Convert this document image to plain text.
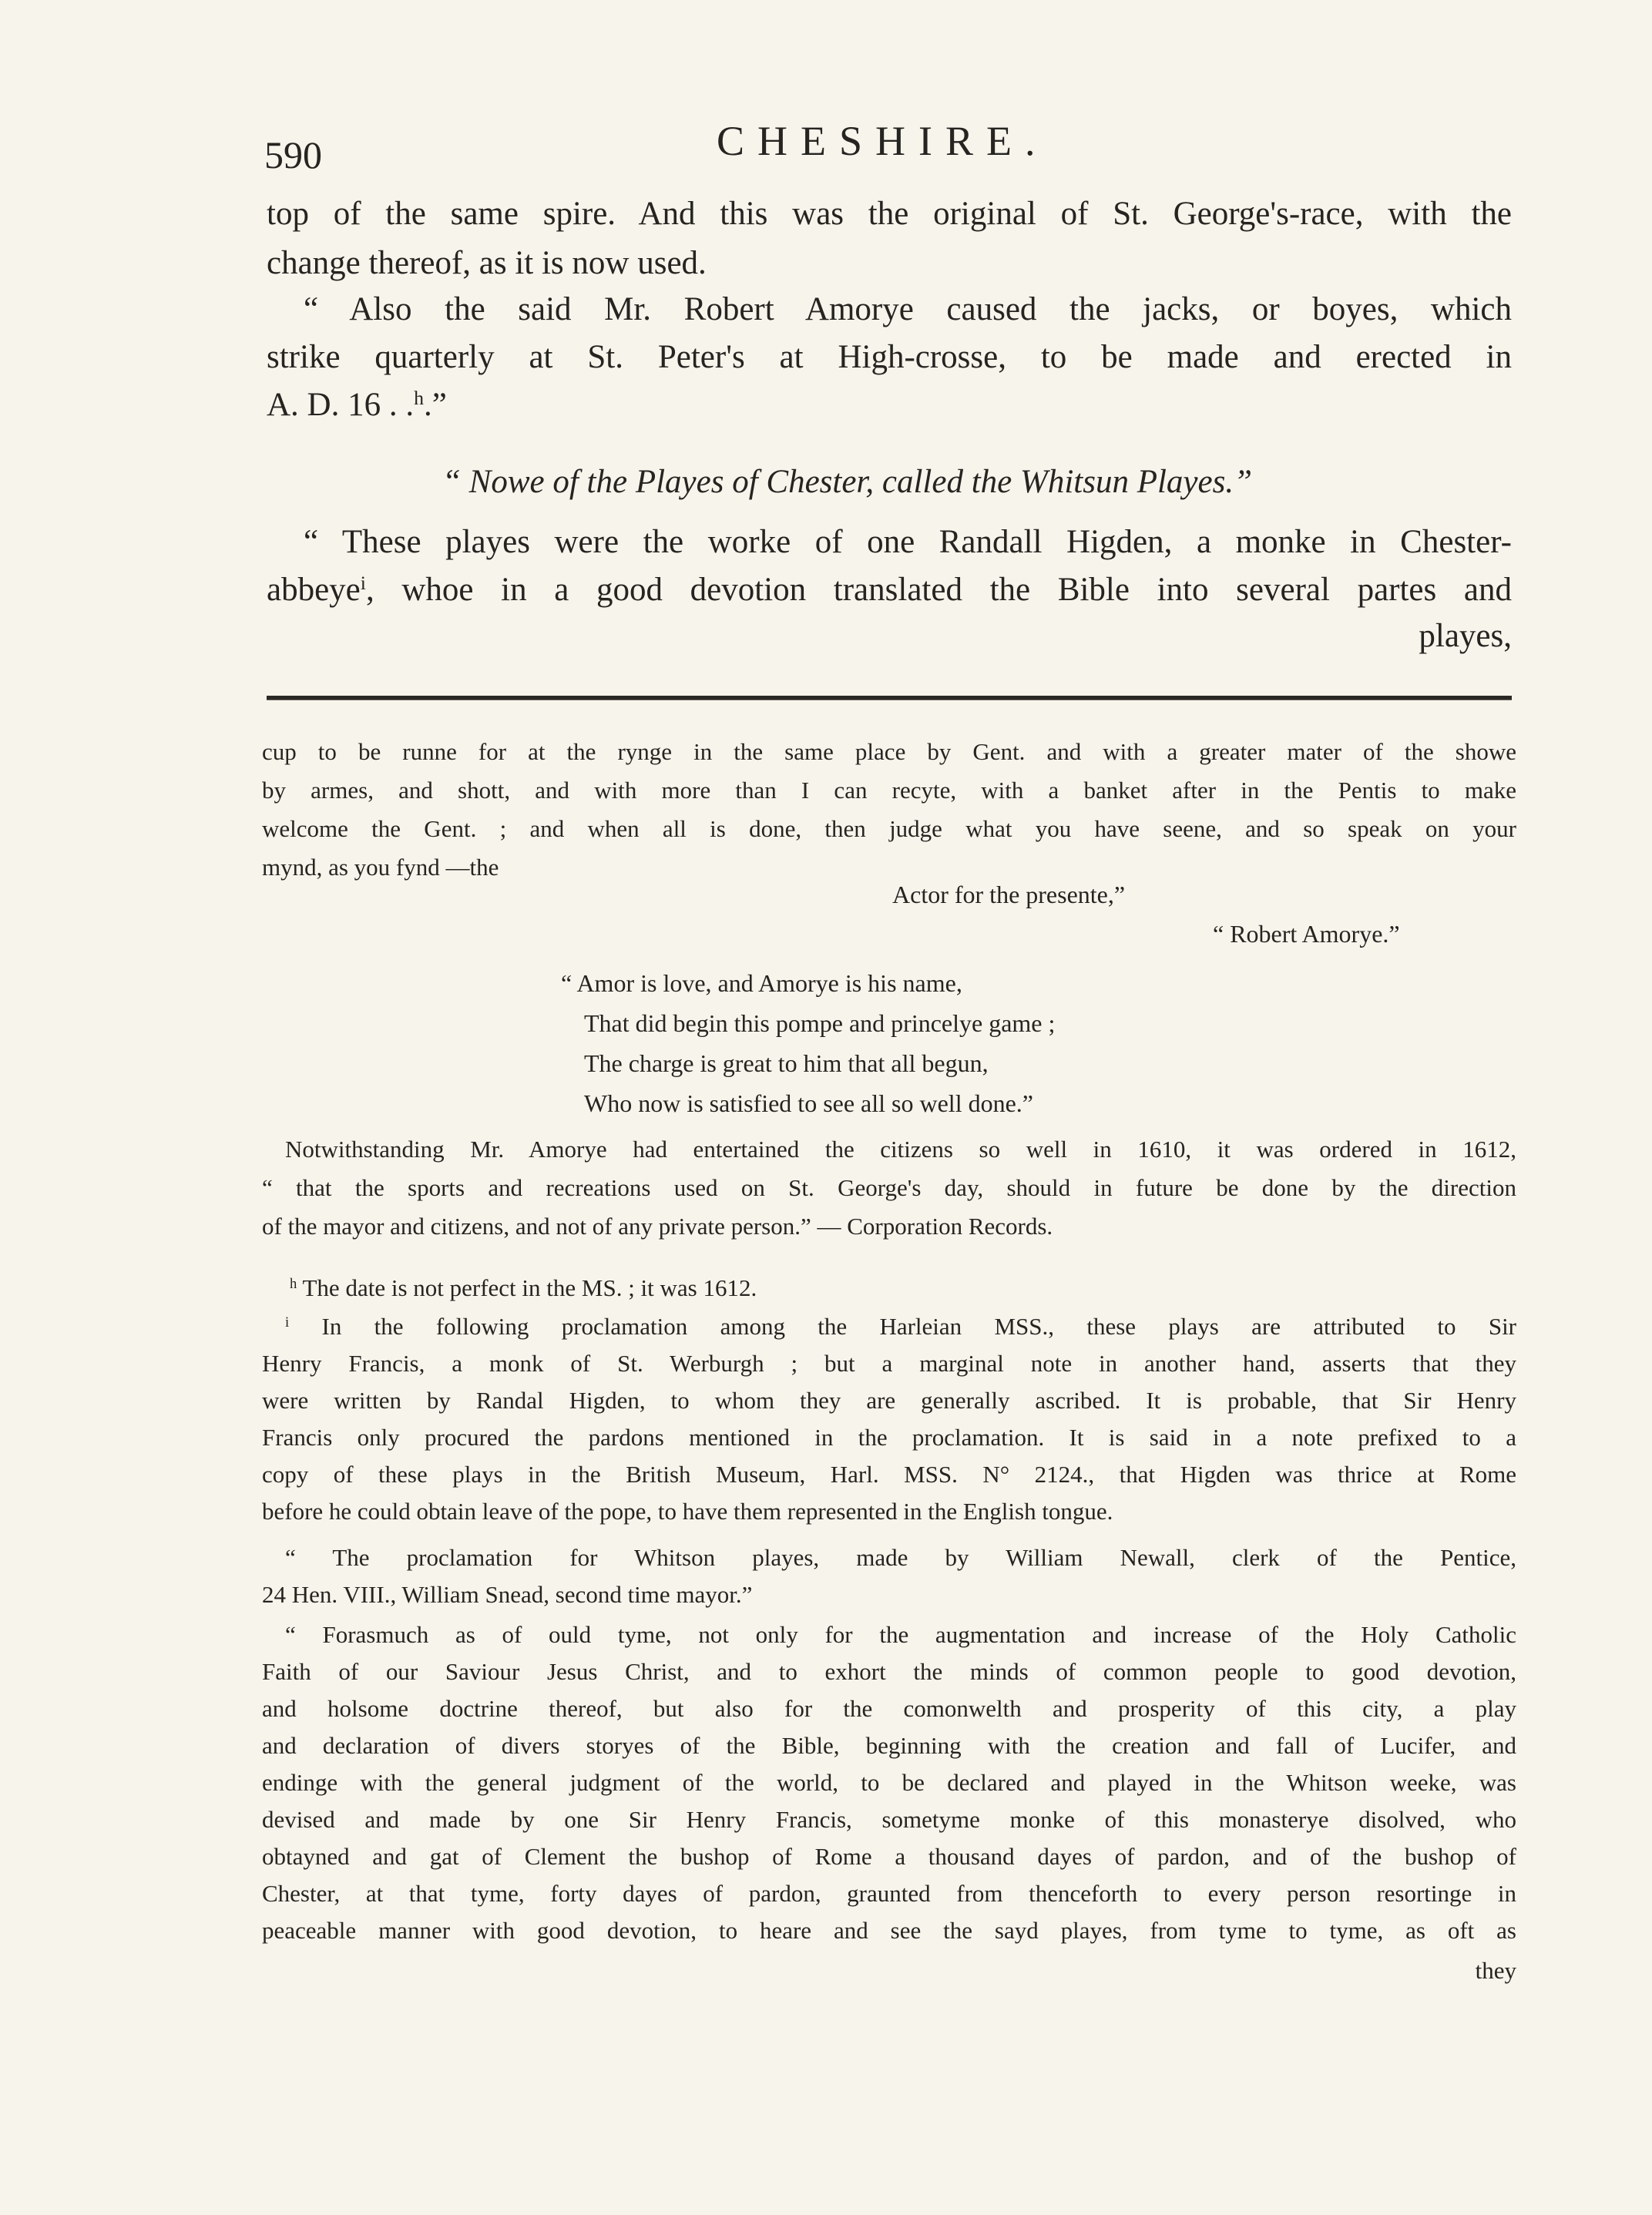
590	CHESHIRE.
top of the same spire. And this was the original of St. George's-race, with the
change thereof, as it is now used.
“ Also the said Mr. Robert Amorye caused the jacks, or boyes, which
strike quarterly at St. Peter's at High-crosse, to be made and erected in
A. D. 16 . .$^h$.”
“ Nowe of the Playes of Chester, called the Whitsun Playes.”
“ These playes were the worke of one Randall Higden, a monke in Chester-
abbeye$^i$, whoe in a good devotion translated the Bible into several partes and
playes,
cup to be runne for at the rynge in the same place by Gent. and with a greater mater of the showe
by armes, and shott, and with more than I can recyte, with a banket after in the Pentis to make
welcome the Gent. ; and when all is done, then judge what you have seene, and so speak on your
mynd, as you fynd —the
Actor for the presente,”
“ Robert Amorye.”
“ Amor is love, and Amorye is his name,
That did begin this pompe and princelye game ;
The charge is great to him that all begun,
Who now is satisfied to see all so well done.”
Notwithstanding Mr. Amorye had entertained the citizens so well in 1610, it was ordered in 1612,
“ that the sports and recreations used on St. George's day, should in future be done by the direction
of the mayor and citizens, and not of any private person.” — Corporation Records.
$^h$ The date is not perfect in the MS. ; it was 1612.
$^i$ In the following proclamation among the Harleian MSS., these plays are attributed to Sir
Henry Francis, a monk of St. Werburgh ; but a marginal note in another hand, asserts that they
were written by Randal Higden, to whom they are generally ascribed. It is probable, that Sir Henry
Francis only procured the pardons mentioned in the proclamation. It is said in a note prefixed to a
copy of these plays in the British Museum, Harl. MSS. N° 2124., that Higden was thrice at Rome
before he could obtain leave of the pope, to have them represented in the English tongue.
“ The proclamation for Whitson playes, made by William Newall, clerk of the Pentice,
24 Hen. VIII., William Snead, second time mayor.”
“ Forasmuch as of ould tyme, not only for the augmentation and increase of the Holy Catholic
Faith of our Saviour Jesus Christ, and to exhort the minds of common people to good devotion,
and holsome doctrine thereof, but also for the comonwelth and prosperity of this city, a play
and declaration of divers storyes of the Bible, beginning with the creation and fall of Lucifer, and
endinge with the general judgment of the world, to be declared and played in the Whitson weeke, was
devised and made by one Sir Henry Francis, sometyme monke of this monasterye disolved, who
obtayned and gat of Clement the bushop of Rome a thousand dayes of pardon, and of the bushop of
Chester, at that tyme, forty dayes of pardon, graunted from thenceforth to every person resortinge in
peaceable manner with good devotion, to heare and see the sayd playes, from tyme to tyme, as oft as
they
